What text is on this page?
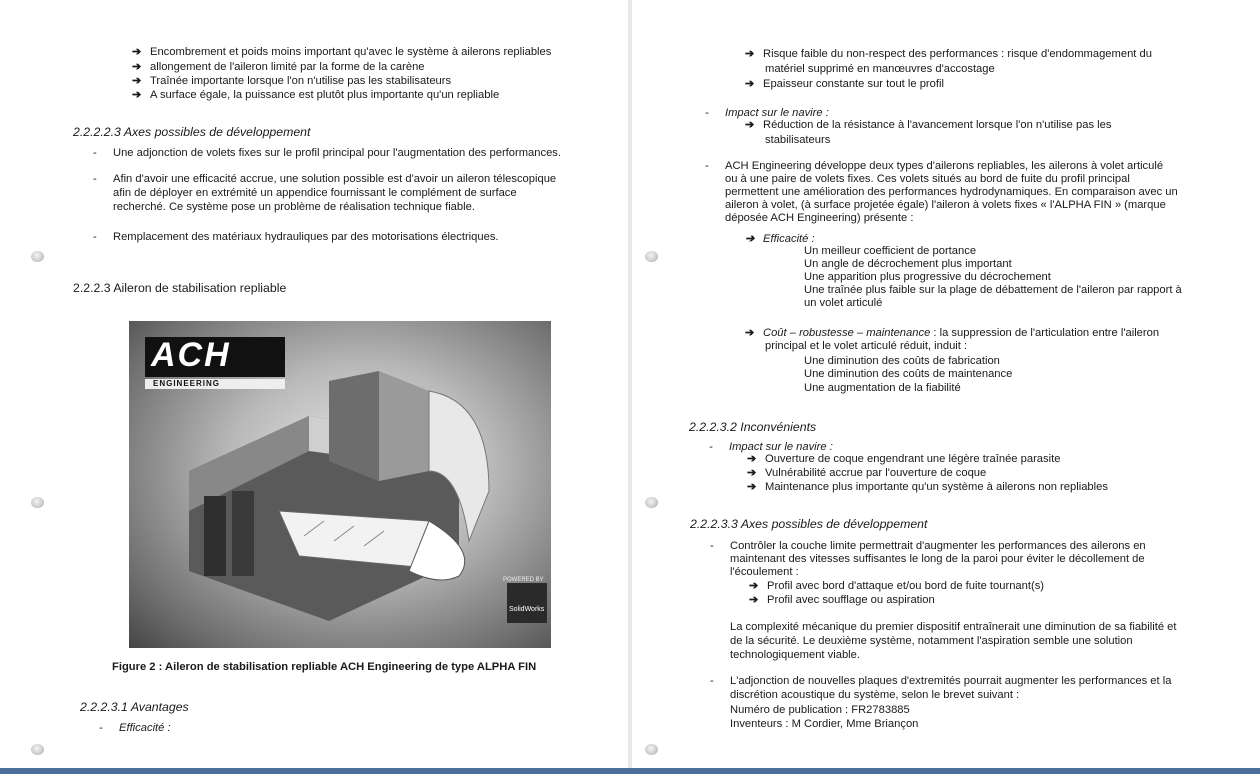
➔ Encombrement et poids moins important qu'avec le système à ailerons repliables
➔ allongement de l'aileron limité par la forme de la carène
➔ Traînée importante lorsque l'on n'utilise pas les stabilisateurs
➔ A surface égale, la puissance est plutôt plus importante qu'un repliable
2.2.2.2.3 Axes possibles de développement
- Une adjonction de volets fixes sur le profil principal pour l'augmentation des performances.
- Afin d'avoir une efficacité accrue, une solution possible est d'avoir un aileron télescopique
afin de déployer en extrémité un appendice fournissant le complément de surface
recherché. Ce système pose un problème de réalisation technique fiable.
- Remplacement des matériaux hydrauliques par des motorisations électriques.
2.2.2.3 Aileron de stabilisation repliable
ACH
ENGINEERING
POWERED BY
SolidWorks
Figure 2 : Aileron de stabilisation repliable ACH Engineering de type ALPHA FIN
2.2.2.3.1 Avantages
- Efficacité :
➔ Risque faible du non-respect des performances : risque d'endommagement du
matériel supprimé en manœuvres d'accostage
➔ Epaisseur constante sur tout le profil
- Impact sur le navire :
➔ Réduction de la résistance à l'avancement lorsque l'on n'utilise pas les
stabilisateurs
- ACH Engineering développe deux types d'ailerons repliables, les ailerons à volet articulé
ou à une paire de volets fixes. Ces volets situés au bord de fuite du profil principal
permettent une amélioration des performances hydrodynamiques. En comparaison avec un
aileron à volet, (à surface projetée égale) l'aileron à volets fixes « l'ALPHA FIN » (marque
déposée ACH Engineering) présente :
➔ Efficacité :
Un meilleur coefficient de portance
Un angle de décrochement plus important
Une apparition plus progressive du décrochement
Une traînée plus faible sur la plage de débattement de l'aileron par rapport à
un volet articulé
➔ Coût – robustesse – maintenance : la suppression de l'articulation entre l'aileron
principal et le volet articulé réduit, induit :
Une diminution des coûts de fabrication
Une diminution des coûts de maintenance
Une augmentation de la fiabilité
2.2.2.3.2 Inconvénients
- Impact sur le navire :
➔ Ouverture de coque engendrant une légère traînée parasite
➔ Vulnérabilité accrue par l'ouverture de coque
➔ Maintenance plus importante qu'un système à ailerons non repliables
2.2.2.3.3 Axes possibles de développement
- Contrôler la couche limite permettrait d'augmenter les performances des ailerons en
maintenant des vitesses suffisantes le long de la paroi pour éviter le décollement de
l'écoulement :
➔ Profil avec bord d'attaque et/ou bord de fuite tournant(s)
➔ Profil avec soufflage ou aspiration
La complexité mécanique du premier dispositif entraînerait une diminution de sa fiabilité et
de la sécurité. Le deuxième système, notamment l'aspiration semble une solution
technologiquement viable.
- L'adjonction de nouvelles plaques d'extremités pourrait augmenter les performances et la
discrétion acoustique du système, selon le brevet suivant :
Numéro de publication : FR2783885
Inventeurs : M Cordier, Mme Briançon
